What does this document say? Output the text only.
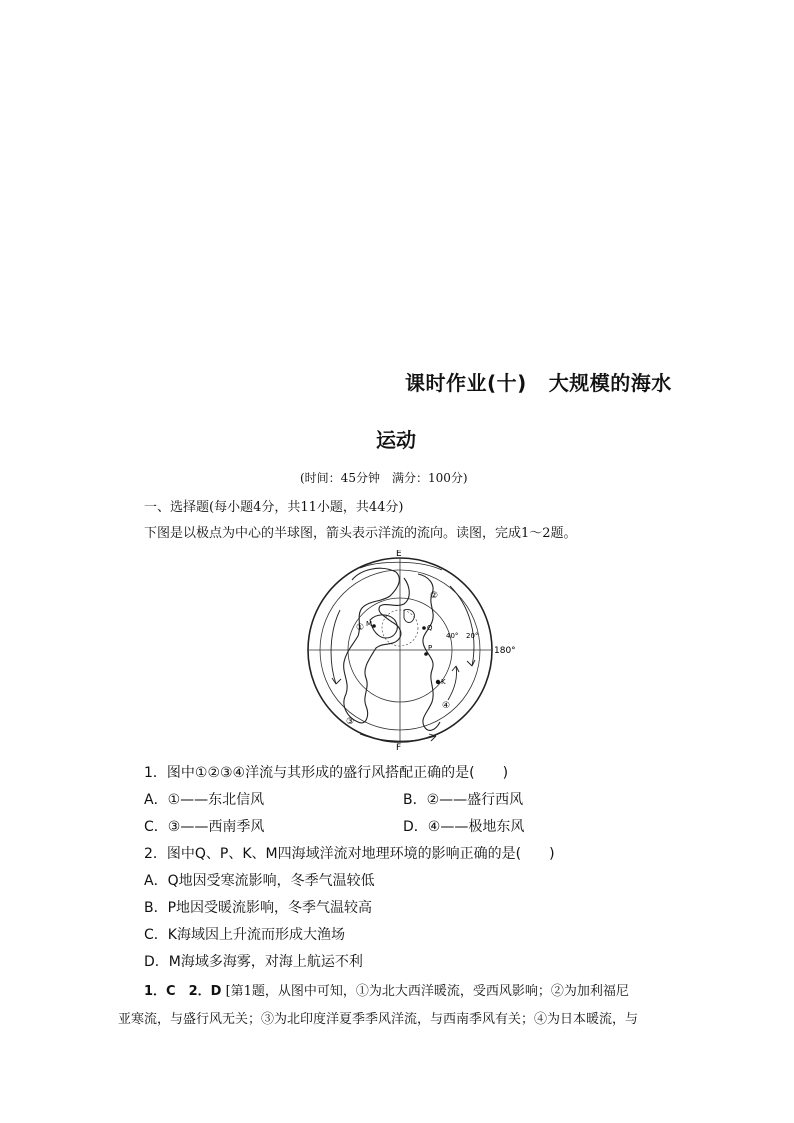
课时作业(十) 大规模的海水
运动
(时间：45分钟　满分：100分)
一、选择题(每小题4分，共11小题，共44分)
下图是以极点为中心的半球图，箭头表示洋流的流向。读图，完成1～2题。
E
F
180°
40° 20°
①
②
③
④
M	Q
P
K
1．图中①②③④洋流与其形成的盛行风搭配正确的是(　　)
A．①——东北信风	B．②——盛行西风
C．③——西南季风	D．④——极地东风
2．图中Q、P、K、M四海域洋流对地理环境的影响正确的是(　　)
A．Q地因受寒流影响，冬季气温较低
B．P地因受暖流影响，冬季气温较高
C．K海域因上升流而形成大渔场
D．M海域多海雾，对海上航运不利
1．C　2．D [第1题，从图中可知，①为北大西洋暖流，受西风影响；②为加利福尼
亚寒流，与盛行风无关；③为北印度洋夏季季风洋流，与西南季风有关；④为日本暖流，与
